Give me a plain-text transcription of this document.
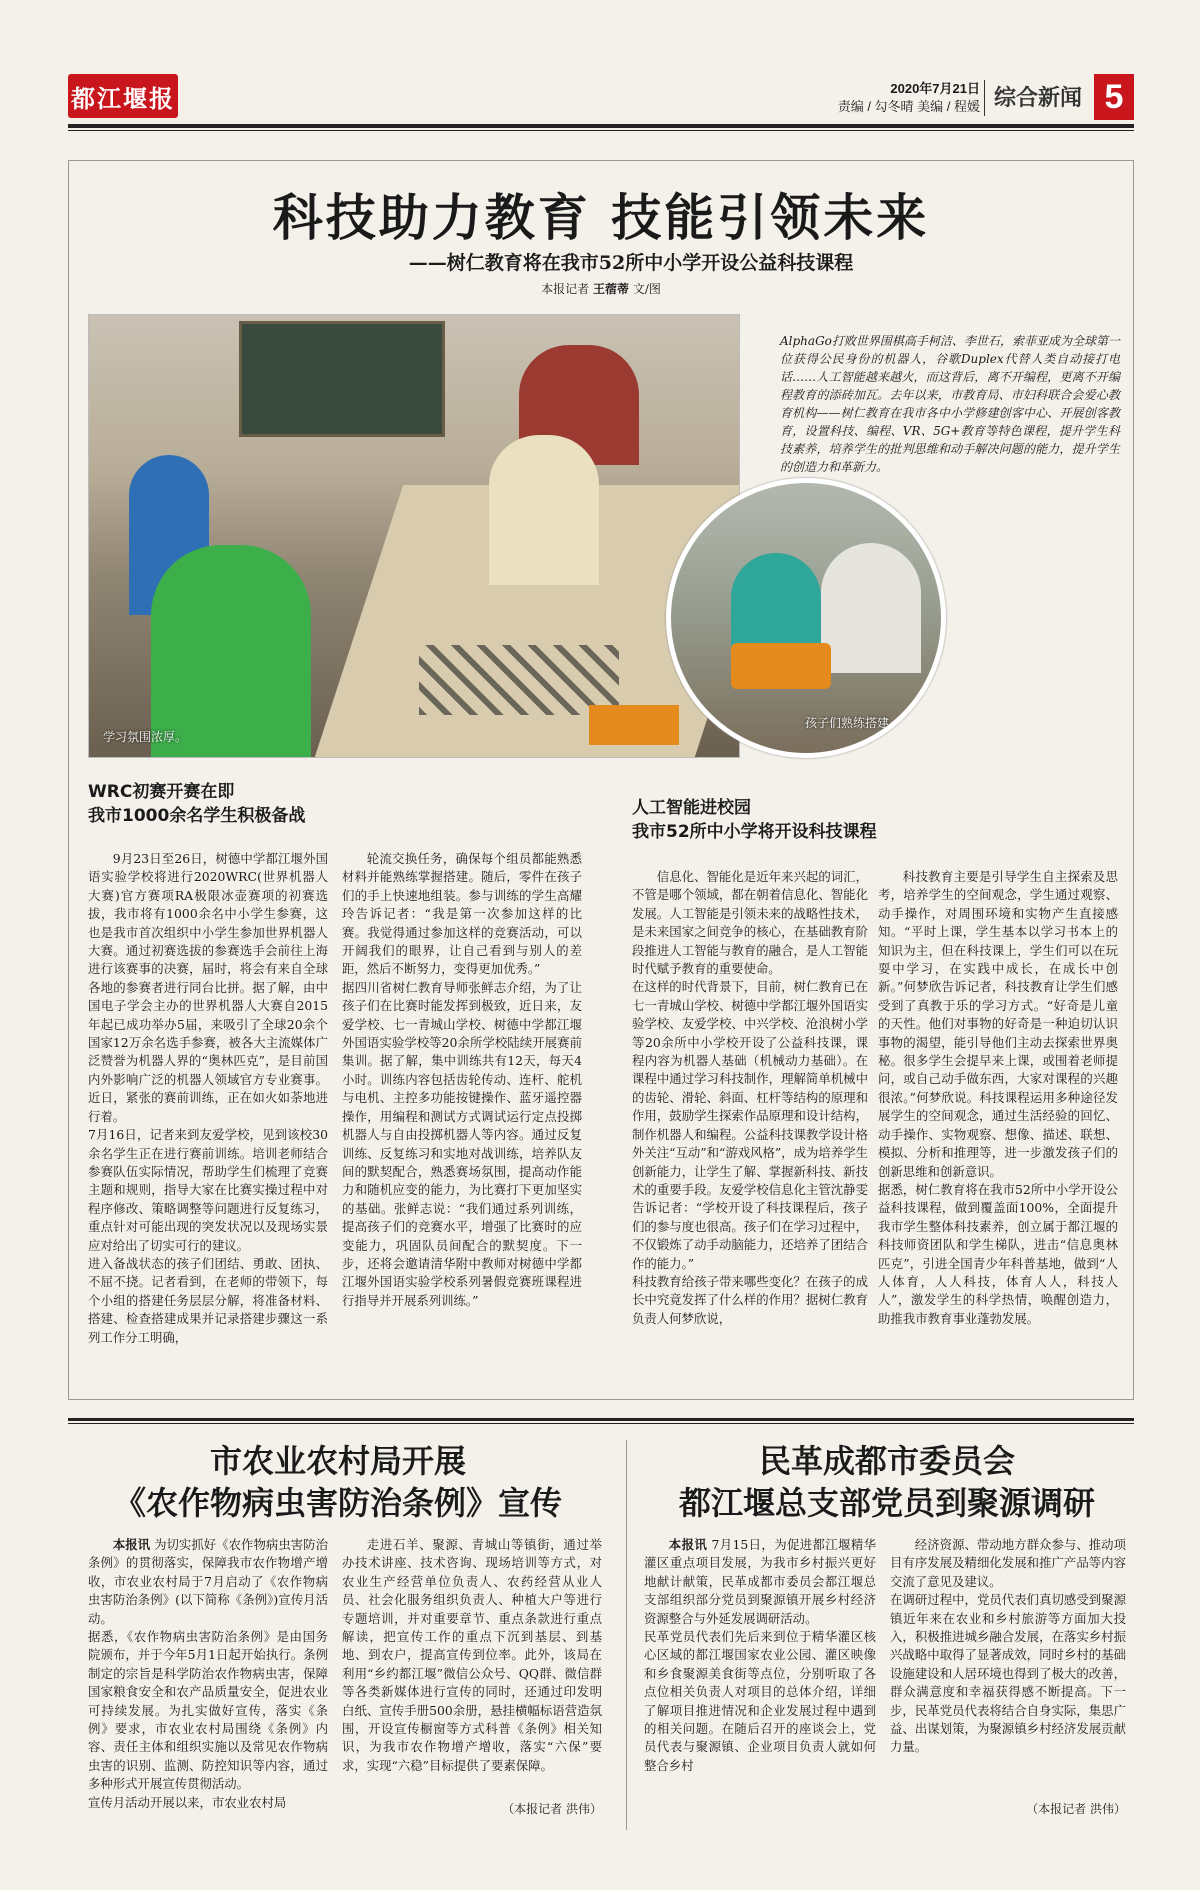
都江堰报	2020年7月21日
责编 / 勾冬晴 美编 / 程媛 综合新闻 5
科技助力教育 技能引领未来
——树仁教育将在我市52所中小学开设公益科技课程
本报记者 王蓿蒂 文/图
学习氛围浓厚。
孩子们熟练搭建。
AlphaGo打败世界围棋高手柯洁、李世石，索菲亚成为全球第一位获得公民身份的机器人，谷歌Duplex代替人类自动接打电话……人工智能越来越火，而这背后，离不开编程，更离不开编程教育的添砖加瓦。去年以来，市教育局、市妇科联合会爱心教育机构——树仁教育在我市各中小学修建创客中心、开展创客教育，设置科技、编程、VR、5G+教育等特色课程，提升学生科技素养，培养学生的批判思维和动手解决问题的能力，提升学生的创造力和革新力。
WRC初赛开赛在即
我市1000余名学生积极备战

9月23日至26日，树德中学都江堰外国语实验学校将进行2020WRC(世界机器人大赛)官方赛项RA极限冰壶赛项的初赛选拔，我市将有1000余名中小学生参赛，这也是我市首次组织中小学生参加世界机器人大赛。通过初赛选拔的参赛选手会前往上海进行该赛事的决赛，届时，将会有来自全球各地的参赛者进行同台比拼。据了解，由中国电子学会主办的世界机器人大赛自2015年起已成功举办5届，来吸引了全球20余个国家12万余名选手参赛，被各大主流媒体广泛赞誉为机器人界的“奥林匹克”，是目前国内外影响广泛的机器人领域官方专业赛事。近日，紧张的赛前训练，正在如火如荼地进行着。
7月16日，记者来到友爱学校，见到该校30余名学生正在进行赛前训练。培训老师结合参赛队伍实际情况，帮助学生们梳理了竞赛主题和规则，指导大家在比赛实操过程中对程序修改、策略调整等问题进行反复练习，重点针对可能出现的突发状况以及现场实景应对给出了切实可行的建议。
进入备战状态的孩子们团结、勇敢、团执、不屈不挠。记者看到，在老师的带领下，每个小组的搭建任务层层分解，将准备材料、搭建、检查搭建成果并记录搭建步骤这一系列工作分工明确，

轮流交换任务，确保每个组员都能熟悉材料并能熟练掌握搭建。随后，零件在孩子们的手上快速地组装。参与训练的学生高耀玲告诉记者：“我是第一次参加这样的比赛。我觉得通过参加这样的竞赛活动，可以开阔我们的眼界，让自己看到与别人的差距，然后不断努力，变得更加优秀。”
据四川省树仁教育导师张鲜志介绍，为了让孩子们在比赛时能发挥到极致，近日来，友爱学校、七一青城山学校、树德中学都江堰外国语实验学校等20余所学校陆续开展赛前集训。据了解，集中训练共有12天，每天4小时。训练内容包括齿轮传动、连杆、舵机与电机、主控多功能按键操作、蓝牙遥控器操作，用编程和测试方式调试运行定点投掷机器人与自由投掷机器人等内容。通过反复训练、反复练习和实地对战训练，培养队友间的默契配合，熟悉赛场氛围，提高动作能力和随机应变的能力，为比赛打下更加坚实的基础。张鲜志说：“我们通过系列训练，提高孩子们的竞赛水平，增强了比赛时的应变能力，巩固队员间配合的默契度。下一步，还将会邀请清华附中教师对树德中学都江堰外国语实验学校系列暑假竞赛班课程进行指导并开展系列训练。”

人工智能进校园
我市52所中小学将开设科技课程

信息化、智能化是近年来兴起的词汇，不管是哪个领域，都在朝着信息化、智能化发展。人工智能是引领未来的战略性技术，是未来国家之间竞争的核心，在基础教育阶段推进人工智能与教育的融合，是人工智能时代赋予教育的重要使命。
在这样的时代背景下，目前，树仁教育已在七一青城山学校、树德中学都江堰外国语实验学校、友爱学校、中兴学校、沧浪树小学等20余所中小学校开设了公益科技课，课程内容为机器人基础（机械动力基础）。在课程中通过学习科技制作，理解简单机械中的齿轮、滑轮、斜面、杠杆等结构的原理和作用，鼓励学生探索作品原理和设计结构，制作机器人和编程。公益科技课教学设计格外关注“互动”和“游戏风格”，成为培养学生创新能力，让学生了解、掌握新科技、新技术的重要手段。友爱学校信息化主管沈静雯告诉记者：“学校开设了科技课程后，孩子们的参与度也很高。孩子们在学习过程中，不仅锻炼了动手动脑能力，还培养了团结合作的能力。”
科技教育给孩子带来哪些变化？在孩子的成长中究竟发挥了什么样的作用？据树仁教育负责人何梦欣说，

科技教育主要是引导学生自主探索及思考，培养学生的空间观念，学生通过观察、动手操作，对周围环境和实物产生直接感知。“平时上课，学生基本以学习书本上的知识为主，但在科技课上，学生们可以在玩耍中学习，在实践中成长，在成长中创新。”何梦欣告诉记者，科技教育让学生们感受到了真教于乐的学习方式。“好奇是儿童的天性。他们对事物的好奇是一种迫切认识事物的渴望，能引导他们主动去探索世界奥秘。很多学生会提早来上课，或围着老师提问，或自己动手做东西，大家对课程的兴趣很浓。”何梦欣说。科技课程运用多种途径发展学生的空间观念，通过生活经验的回忆、动手操作、实物观察、想像、描述、联想、模拟、分析和推理等，进一步激发孩子们的创新思维和创新意识。
据悉，树仁教育将在我市52所中小学开设公益科技课程，做到覆盖面100%，全面提升我市学生整体科技素养，创立属于都江堰的科技师资团队和学生梯队，进击“信息奥林匹克”，引进全国青少年科普基地，做到“人人体育，人人科技，体育人人，科技人人”，激发学生的科学热情，唤醒创造力，助推我市教育事业蓬勃发展。

市农业农村局开展
《农作物病虫害防治条例》宣传

本报讯 为切实抓好《农作物病虫害防治条例》的贯彻落实，保障我市农作物增产增收，市农业农村局于7月启动了《农作物病虫害防治条例》(以下简称《条例》)宣传月活动。
据悉，《农作物病虫害防治条例》是由国务院颁布，并于今年5月1日起开始执行。条例制定的宗旨是科学防治农作物病虫害，保障国家粮食安全和农产品质量安全，促进农业可持续发展。为扎实做好宣传，落实《条例》要求，市农业农村局围绕《条例》内容、责任主体和组织实施以及常见农作物病虫害的识别、监测、防控知识等内容，通过多种形式开展宣传贯彻活动。
宣传月活动开展以来，市农业农村局

走进石羊、聚源、青城山等镇街，通过举办技术讲座、技术咨询、现场培训等方式，对农业生产经营单位负责人、农药经营从业人员、社会化服务组织负责人、种植大户等进行专题培训，并对重要章节、重点条款进行重点解读，把宣传工作的重点下沉到基层、到基地、到农户，提高宣传到位率。此外，该局在利用“乡约都江堰”微信公众号、QQ群、微信群等各类新媒体进行宣传的同时，还通过印发明白纸、宣传手册500余册，悬挂横幅标语营造氛围，开设宣传橱窗等方式科普《条例》相关知识，为我市农作物增产增收，落实“六保”要求，实现“六稳”目标提供了要素保障。

（本报记者 洪伟）
民革成都市委员会
都江堰总支部党员到聚源调研

本报讯 7月15日，为促进都江堰精华灌区重点项目发展，为我市乡村振兴更好地献计献策，民革成都市委员会都江堰总支部组织部分党员到聚源镇开展乡村经济资源整合与外延发展调研活动。
民革党员代表们先后来到位于精华灌区核心区域的都江堰国家农业公园、灌区映像和乡食聚源美食街等点位，分别听取了各点位相关负责人对项目的总体介绍，详细了解项目推进情况和企业发展过程中遇到的相关问题。在随后召开的座谈会上，党员代表与聚源镇、企业项目负责人就如何整合乡村

经济资源、带动地方群众参与、推动项目有序发展及精细化发展和推广产品等内容交流了意见及建议。
在调研过程中，党员代表们真切感受到聚源镇近年来在农业和乡村旅游等方面加大投入，积极推进城乡融合发展，在落实乡村振兴战略中取得了显著成效，同时乡村的基础设施建设和人居环境也得到了极大的改善，群众满意度和幸福获得感不断提高。下一步，民革党员代表将结合自身实际，集思广益、出谋划策，为聚源镇乡村经济发展贡献力量。

（本报记者 洪伟）
